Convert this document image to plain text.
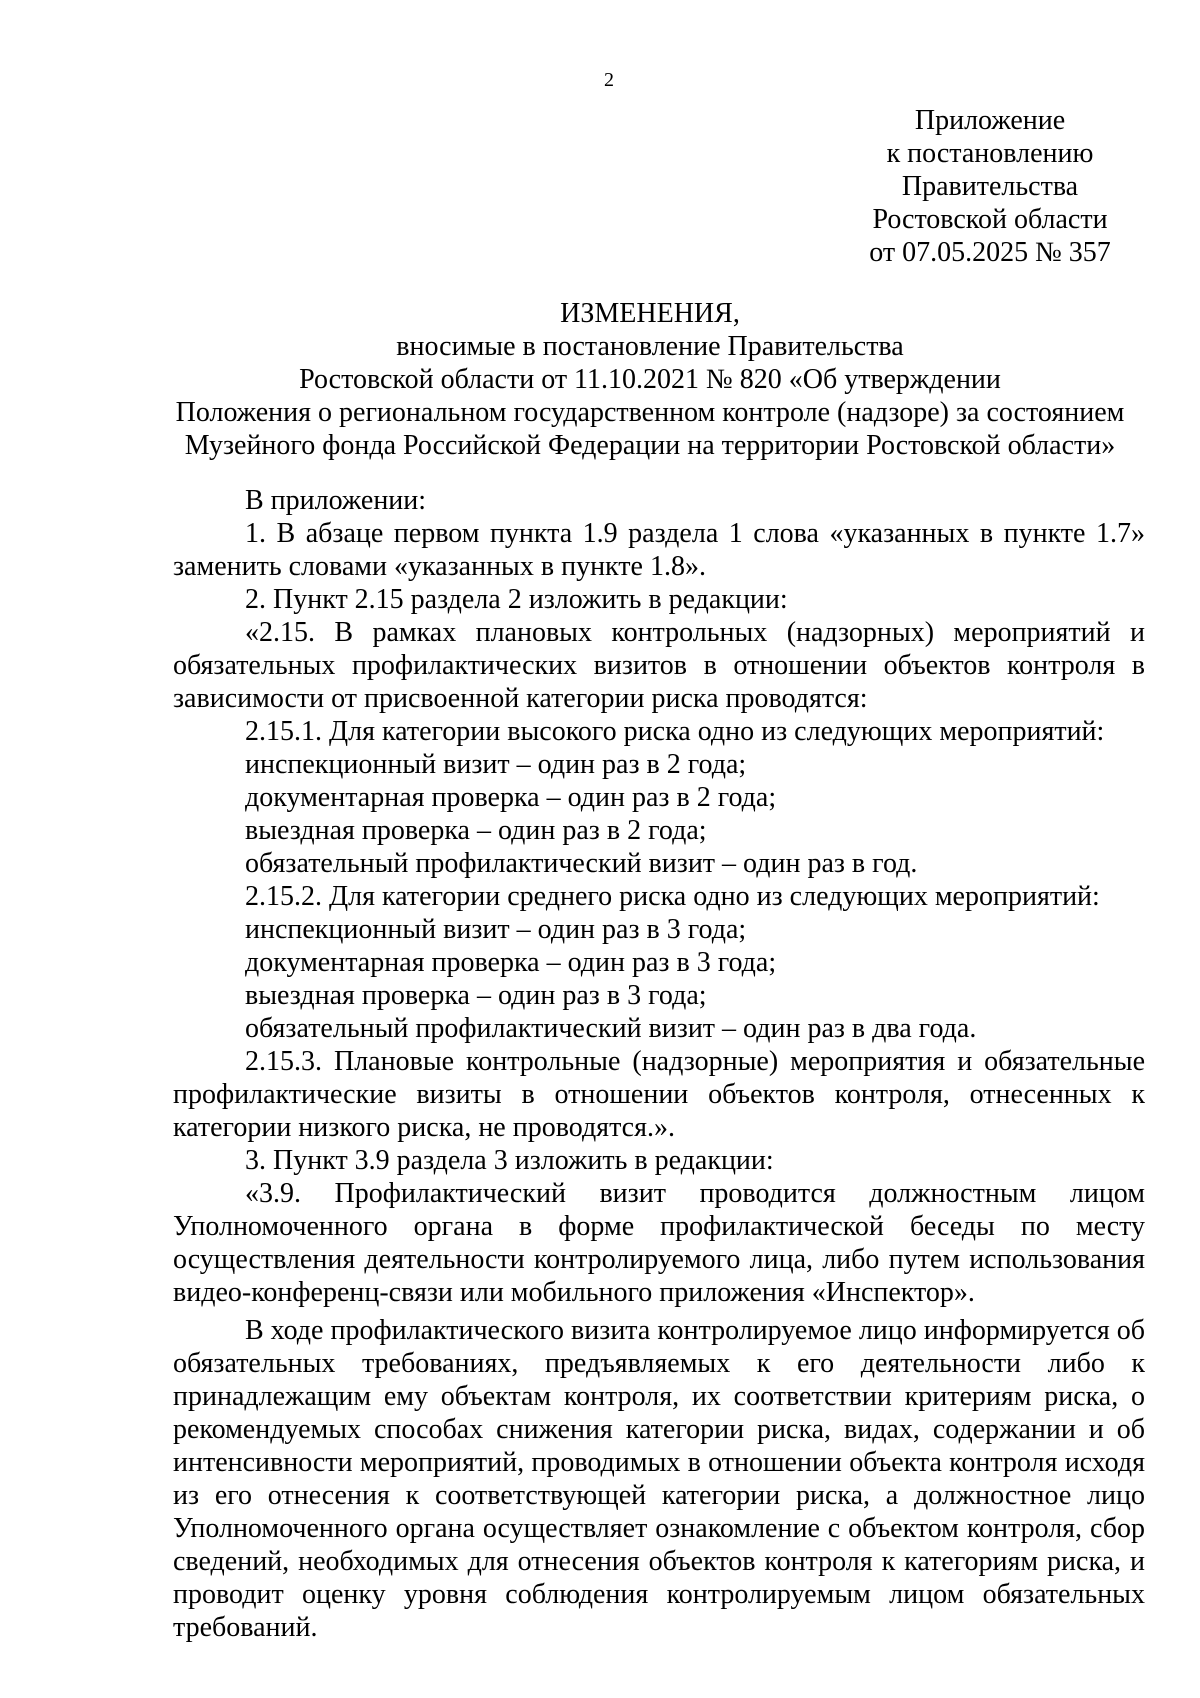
2
Приложение
к постановлению
Правительства
Ростовской области
от 07.05.2025 № 357
ИЗМЕНЕНИЯ,
вносимые в постановление Правительства
Ростовской области от 11.10.2021 № 820 «Об утверждении
Положения о региональном государственном контроле (надзоре) за состоянием
Музейного фонда Российской Федерации на территории Ростовской области»

В приложении:

1. В абзаце первом пункта 1.9 раздела 1 слова «указанных в пункте 1.7» заменить словами «указанных в пункте 1.8».

2. Пункт 2.15 раздела 2 изложить в редакции:

«2.15. В рамках плановых контрольных (надзорных) мероприятий и обязательных профилактических визитов в отношении объектов контроля в зависимости от присвоенной категории риска проводятся:

2.15.1. Для категории высокого риска одно из следующих мероприятий:

инспекционный визит – один раз в 2 года;

документарная проверка – один раз в 2 года;

выездная проверка – один раз в 2 года;

обязательный профилактический визит – один раз в год.

2.15.2. Для категории среднего риска одно из следующих мероприятий:

инспекционный визит – один раз в 3 года;

документарная проверка – один раз в 3 года;

выездная проверка – один раз в 3 года;

обязательный профилактический визит – один раз в два года.

2.15.3. Плановые контрольные (надзорные) мероприятия и обязательные профилактические визиты в отношении объектов контроля, отнесенных к категории низкого риска, не проводятся.».

3. Пункт 3.9 раздела 3 изложить в редакции:

«3.9. Профилактический визит проводится должностным лицом Уполномоченного органа в форме профилактической беседы по месту осуществления деятельности контролируемого лица, либо путем использования видео-конференц-связи или мобильного приложения «Инспектор».

В ходе профилактического визита контролируемое лицо информируется об обязательных требованиях, предъявляемых к его деятельности либо к принадлежащим ему объектам контроля, их соответствии критериям риска, о рекомендуемых способах снижения категории риска, видах, содержании и об интенсивности мероприятий, проводимых в отношении объекта контроля исходя из его отнесения к соответствующей категории риска, а должностное лицо Уполномоченного органа осуществляет ознакомление с объектом контроля, сбор сведений, необходимых для отнесения объектов контроля к категориям риска, и проводит оценку уровня соблюдения контролируемым лицом обязательных требований.
